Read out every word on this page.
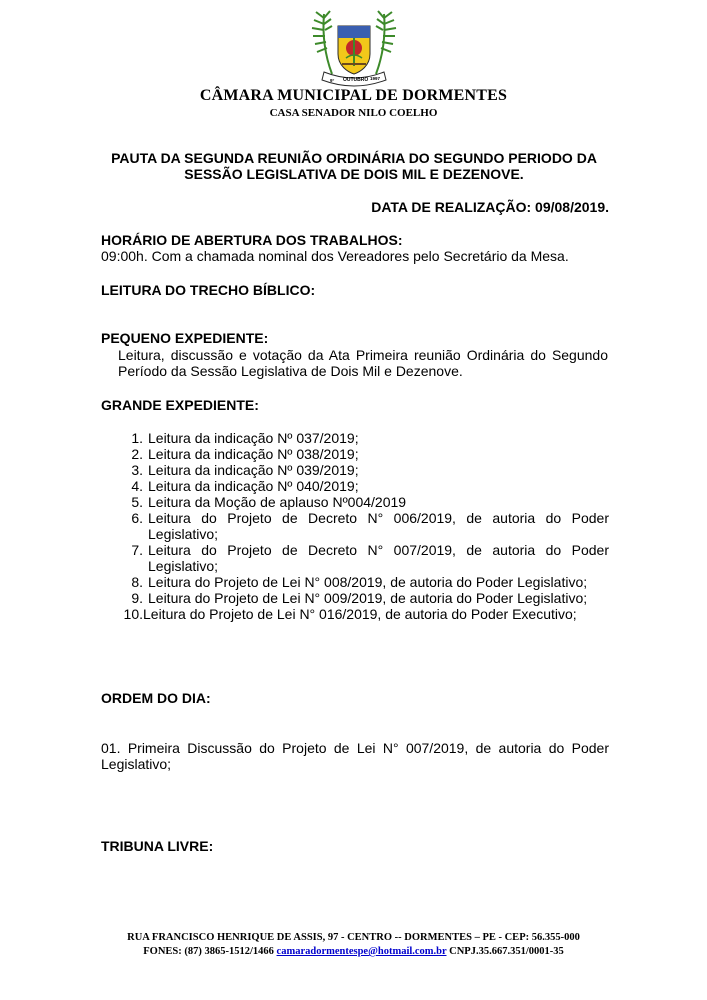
9° OUTUBRO 1997
CÂMARA MUNICIPAL DE DORMENTES
CASA SENADOR NILO COELHO
PAUTA DA SEGUNDA REUNIÃO ORDINÁRIA DO SEGUNDO PERIODO DA SESSÃO LEGISLATIVA DE DOIS MIL E DEZENOVE.
DATA DE REALIZAÇÃO: 09/08/2019.
HORÁRIO DE ABERTURA DOS TRABALHOS:
09:00h. Com a chamada nominal dos Vereadores pelo Secretário da Mesa.
LEITURA DO TRECHO BÍBLICO:
PEQUENO EXPEDIENTE:
Leitura, discussão e votação da Ata Primeira reunião Ordinária do Segundo Período da Sessão Legislativa de Dois Mil e Dezenove.
GRANDE EXPEDIENTE:
1. Leitura da indicação Nº 037/2019;
2. Leitura da indicação Nº 038/2019;
3. Leitura da indicação Nº 039/2019;
4. Leitura da indicação Nº 040/2019;
5. Leitura da Moção de aplauso Nº004/2019
6. Leitura do Projeto de Decreto N° 006/2019, de autoria do Poder Legislativo;
7. Leitura do Projeto de Decreto N° 007/2019, de autoria do Poder Legislativo;
8. Leitura do Projeto de Lei N° 008/2019, de autoria do Poder Legislativo;
9. Leitura do Projeto de Lei N° 009/2019, de autoria do Poder Legislativo;
10. Leitura do Projeto de Lei N° 016/2019, de autoria do Poder Executivo;
ORDEM DO DIA:
01. Primeira Discussão do Projeto de Lei N° 007/2019, de autoria do Poder Legislativo;
TRIBUNA LIVRE:
RUA FRANCISCO HENRIQUE DE ASSIS, 97 - CENTRO -- DORMENTES – PE - CEP: 56.355-000
FONES: (87) 3865-1512/1466 camaradormentespe@hotmail.com.br CNPJ.35.667.351/0001-35
